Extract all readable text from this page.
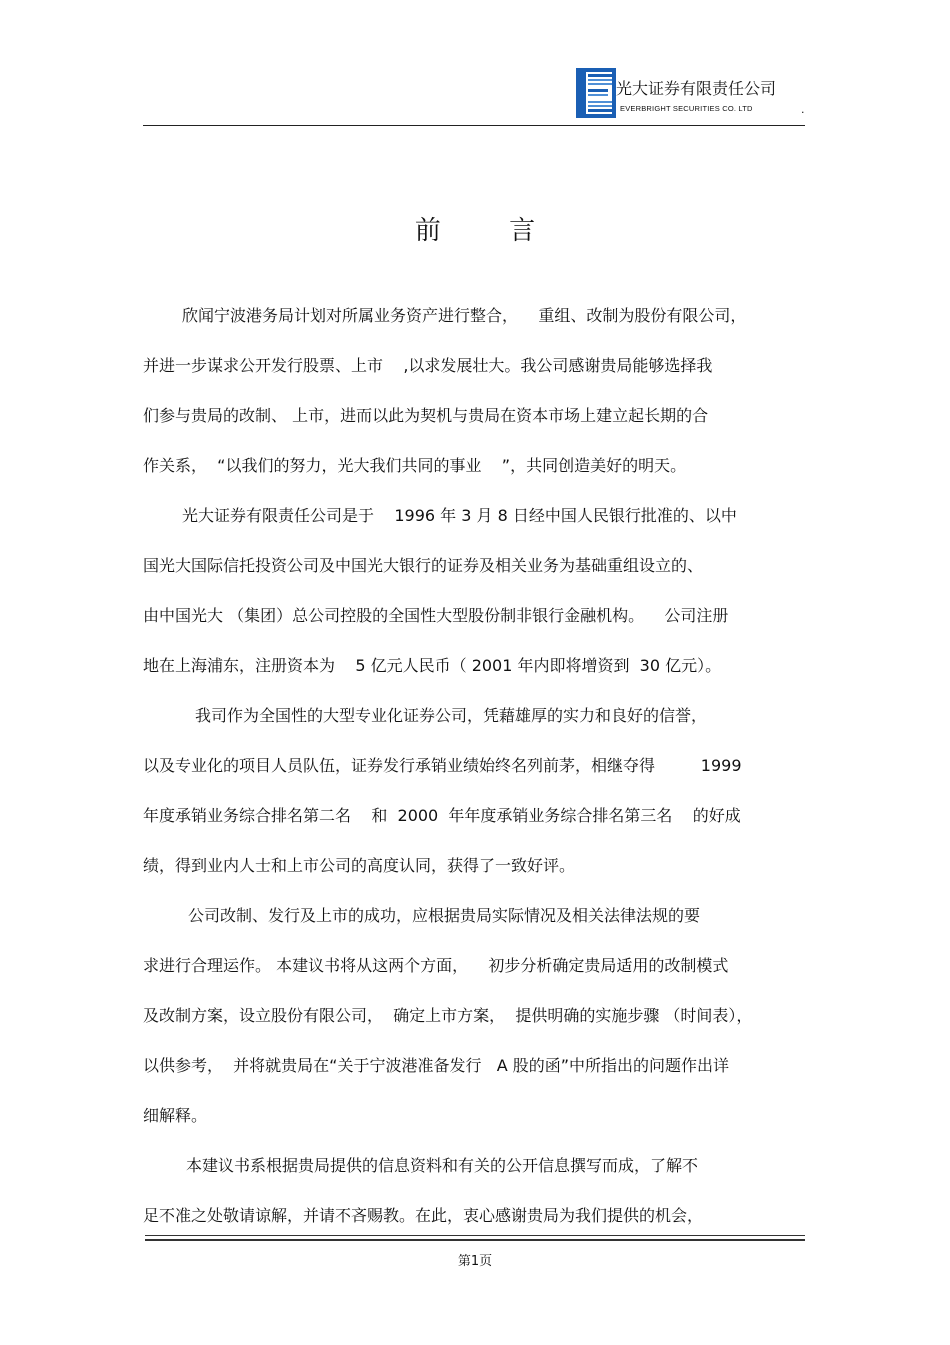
光大证券有限责任公司
EVERBRIGHT SECURITIES CO. LTD	.
前 言
欣闻宁波港务局计划对所属业务资产进行整合，    重组、改制为股份有限公司，
并进一步谋求公开发行股票、上市    ,以求发展壮大。我公司感谢贵局能够选择我
们参与贵局的改制、 上市，进而以此为契机与贵局在资本市场上建立起长期的合
作关系，  “以我们的努力，光大我们共同的事业    ”，共同创造美好的明天。
光大证券有限责任公司是于    1996 年 3 月 8 日经中国人民银行批准的、以中
国光大国际信托投资公司及中国光大银行的证券及相关业务为基础重组设立的、
由中国光大 （集团）总公司控股的全国性大型股份制非银行金融机构。    公司注册
地在上海浦东，注册资本为    5 亿元人民币（ 2001 年内即将增资到  30 亿元）。
我司作为全国性的大型专业化证券公司，凭藉雄厚的实力和良好的信誉，
以及专业化的项目人员队伍，证券发行承销业绩始终名列前茅，相继夺得         1999
年度承销业务综合排名第二名    和  2000  年年度承销业务综合排名第三名    的好成
绩，得到业内人士和上市公司的高度认同，获得了一致好评。
公司改制、发行及上市的成功，应根据贵局实际情况及相关法律法规的要
求进行合理运作。 本建议书将从这两个方面，    初步分析确定贵局适用的改制模式
及改制方案，设立股份有限公司，  确定上市方案，  提供明确的实施步骤 （时间表），
以供参考，  并将就贵局在“关于宁波港准备发行   A 股的函”中所指出的问题作出详
细解释。
本建议书系根据贵局提供的信息资料和有关的公开信息撰写而成，了解不
足不准之处敬请谅解，并请不吝赐教。在此，衷心感谢贵局为我们提供的机会，
第1页
